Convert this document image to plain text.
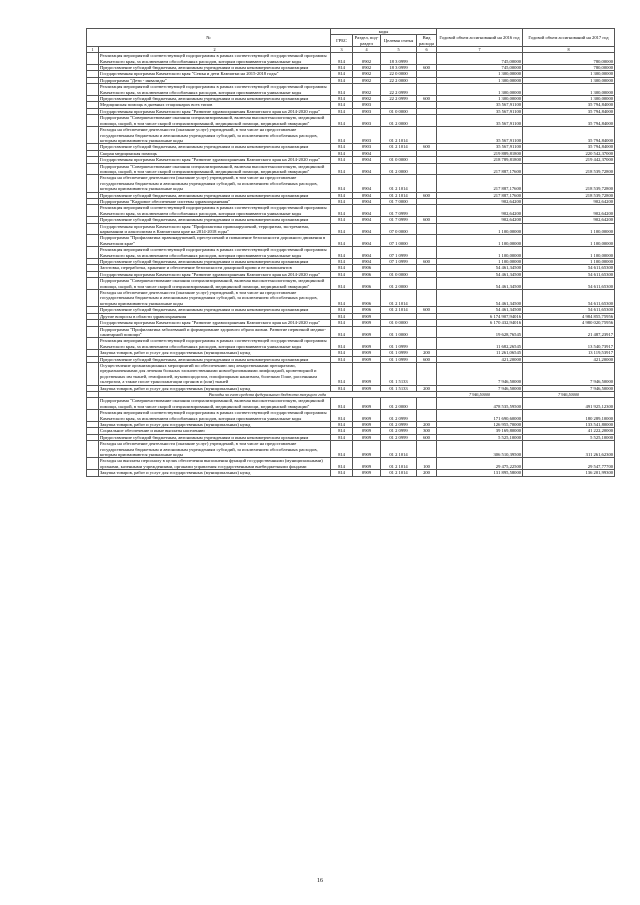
№		коды				Годовой объем ассигнований на 2016 год	Годовой объем ассигнований на 2017 год
		ГРБС	Раздел, под-раздел	Целевая статья	Вид расхода		
1	2	3	4	5	6	7	8
	Реализация мероприятий соответствующей подпрограммы в рамках соответствующей государственной программы Камчатского края, за исключением обособленных расходов, которым присваиваются уникальные коды	814	0902	18 3 0999		745,00000	780,00000
	Предоставление субсидий бюджетным, автономным учреждениям и иным некоммерческим организациям	814	0902	18 3 0999	600	745,00000	780,00000
	Государственная программа Камчатского края "Семья и дети Камчатки на 2015-2018 годы"	814	0902	22 0 0000		1 300,00000	1 300,00000
	Подпрограмма "Дети - инвалиды"	814	0902	22 2 0000		1 300,00000	1 300,00000
	Реализация мероприятий соответствующей подпрограммы в рамках соответствующей государственной программы Камчатского края, за исключением обособленных расходов, которым присваиваются уникальные коды	814	0902	22 2 0999		1 300,00000	1 300,00000
	Предоставление субсидий бюджетным, автономным учреждениям и иным некоммерческим организациям	814	0902	22 2 0999	600	1 300,00000	1 300,00000
	Медицинская помощь в дневных стационарах всех типов	814	0903			35 567,91100	35 794,84000
	Государственная программа Камчатского края "Развитие здравоохранения Камчатского края на 2014-2020 годы"	814	0903	01 0 0000		35 567,91100	35 794,84000
	Подпрограмма "Совершенствование оказания специализированной, включая высокотехнологичную, медицинской помощи, скорой, в том числе скорой специализированной, медицинской помощи, медицинской эвакуации"	814	0903	01 2 0000		35 567,91100	35 794,84000
	Расходы на обеспечение деятельности (оказание услуг) учреждений, в том числе на предоставление государственным бюджетным и автономным учреждениям субсидий, за исключением обособленных расходов, которым присваиваются уникальные коды	814	0903	01 2 1014		35 567,91100	35 794,84000
	Предоставление субсидий бюджетным, автономным учреждениям и иным некоммерческим организациям	814	0903	01 2 1014	600	35 567,91100	35 794,84000
	Скорая медицинская помощь	814	0904			219 889,81800	220 542,37000
	Государственная программа Камчатского края "Развитие здравоохранения Камчатского края на 2014-2020 годы"	814	0904	01 0 0000		218 789,81800	219 442,37000
	Подпрограмма "Совершенствование оказания специализированной, включая высокотехнологичную, медицинской помощи, скорой, в том числе скорой специализированной, медицинской помощи, медицинской эвакуации"	814	0904	01 2 0000		217 887,17600	218 539,72800
	Расходы на обеспечение деятельности (оказание услуг) учреждений, в том числе на предоставление государственным бюджетным и автономным учреждениям субсидий, за исключением обособленных расходов, которым присваиваются уникальные коды	814	0904	01 2 1014		217 887,17600	218 539,72800
	Предоставление субсидий бюджетным, автономным учреждениям и иным некоммерческим организациям	814	0904	01 2 1014	600	217 887,17600	218 539,72800
	Подпрограмма "Кадровое обеспечение системы здравоохранения"	814	0904	01 7 0000		902,64200	902,64200
	Реализация мероприятий соответствующей подпрограммы в рамках соответствующей государственной программы Камчатского края, за исключением обособленных расходов, которым присваиваются уникальные коды	814	0904	01 7 0999		902,64200	902,64200
	Предоставление субсидий бюджетным, автономным учреждениям и иным некоммерческим организациям	814	0904	01 7 0999	600	902,64200	902,64200
	Государственная программа Камчатского края "Профилактика правонарушений, терроризма, экстремизма, наркомании и алкоголизма в Камчатском крае на 2014-2018 годы"	814	0904	07 0 0000		1 100,00000	1 100,00000
	Подпрограмма "Профилактика правонарушений, преступлений и повышение безопасности дорожного движения в Камчатском крае"	814	0904	07 1 0000		1 100,00000	1 100,00000
	Реализация мероприятий соответствующей подпрограммы в рамках соответствующей государственной программы Камчатского края, за исключением обособленных расходов, которым присваиваются уникальные коды	814	0904	07 1 0999		1 100,00000	1 100,00000
	Предоставление субсидий бюджетным, автономным учреждениям и иным некоммерческим организациям	814	0904	07 1 0999	600	1 100,00000	1 100,00000
	Заготовка, переработка, хранение и обеспечение безопасности донорской крови и ее компонентов	814	0906			54 461,34500	54 611,65300
	Государственная программа Камчатского края "Развитие здравоохранения Камчатского края на 2014-2020 годы"	814	0906	01 0 0000		54 461,34500	54 611,65300
	Подпрограмма "Совершенствование оказания специализированной, включая высокотехнологичную, медицинской помощи, скорой, в том числе скорой специализированной, медицинской помощи, медицинской эвакуации"	814	0906	01 2 0000		54 461,34500	54 611,65300
	Расходы на обеспечение деятельности (оказание услуг) учреждений, в том числе на предоставление государственным бюджетным и автономным учреждениям субсидий, за исключением обособленных расходов, которым присваиваются уникальные коды	814	0906	01 2 1014		54 461,34500	54 611,65300
	Предоставление субсидий бюджетным, автономным учреждениям и иным некоммерческим организациям	814	0906	01 2 1014	600	54 461,34500	54 611,65300
	Другие вопросы в области здравоохранения	814	0909			6 174 907,94016	4 984 855,75956
	Государственная программа Камчатского края "Развитие здравоохранения Камчатского края на 2014-2020 годы"	814	0909	01 0 0000		6 170 432,94016	4 980 020,75956
	Подпрограмма "Профилактика заболеваний и формирование здорового образа жизни. Развитие первичной медико-санитарной помощи"	814	0909	01 1 0000		19 628,76545	21 487,23917
	Реализация мероприятий соответствующей подпрограммы в рамках соответствующей государственной программы Камчатского края, за исключением обособленных расходов, которым присваиваются уникальные коды	814	0909	01 1 0999		11 682,26545	13 540,73917
	Закупка товаров, работ и услуг для государственных (муниципальных) нужд	814	0909	01 1 0999	200	11 261,06545	13 119,53917
	Предоставление субсидий бюджетным, автономным учреждениям и иным некоммерческим организациям	814	0909	01 1 0999	600	421,20000	421,20000
	Осуществление организационных мероприятий по обеспечению лиц лекарственными препаратами, предназначенными для лечения больных злокачественными новообразованиями лимфоидной, кроветворной и родственных им тканей, гемофилией, муковисцидозом, гипофизарным нанизмом, болезнью Гоше, рассеянным склерозом, а также после трансплантации органов и (или) тканей	814	0909	01 1 5133		7 946,50000	7 946,50000
	Закупка товаров, работ и услуг для государственных (муниципальных) нужд	814	0909	01 1 5133	200	7 946,50000	7 946,50000
	Расходы за счет средств федерального бюджета текущего года					7 946,50000	7 946,50000
	Подпрограмма "Совершенствование оказания специализированной, включая высокотехнологичную, медицинской помощи, скорой, в том числе скорой специализированной, медицинской помощи, медицинской эвакуации"	814	0909	01 2 0000		478 535,59500	491 925,12300
	Реализация мероприятий соответствующей подпрограммы в рамках соответствующей государственной программы Камчатского края, за исключением обособленных расходов, которым присваиваются уникальные коды	814	0909	01 2 0999		171 690,60000	180 289,10000
	Закупка товаров, работ и услуг для государственных (муниципальных) нужд	814	0909	01 2 0999	200	126 955,70000	133 541,80000
	Социальное обеспечение и иные выплаты населению	814	0909	01 2 0999	300	39 169,80000	41 222,20000
	Предоставление субсидий бюджетным, автономным учреждениям и иным некоммерческим организациям	814	0909	01 2 0999	600	5 525,10000	5 525,10000
	Расходы на обеспечение деятельности (оказание услуг) учреждений, в том числе на предоставление государственным бюджетным и автономным учреждениям субсидий, за исключением обособленных расходов, которым присваиваются уникальные коды	814	0909	01 2 1014		306 510,39500	311 261,62300
	Расходы на выплаты персоналу в целях обеспечения выполнения функций государственными (муниципальными) органами, казенными учреждениями, органами управления государственными внебюджетными фондами	814	0909	01 2 1014	100	29 475,22500	29 547,77700
	Закупка товаров, работ и услуг для государственных (муниципальных) нужд	814	0909	01 2 1014	200	131 895,58000	136 201,99300
16
